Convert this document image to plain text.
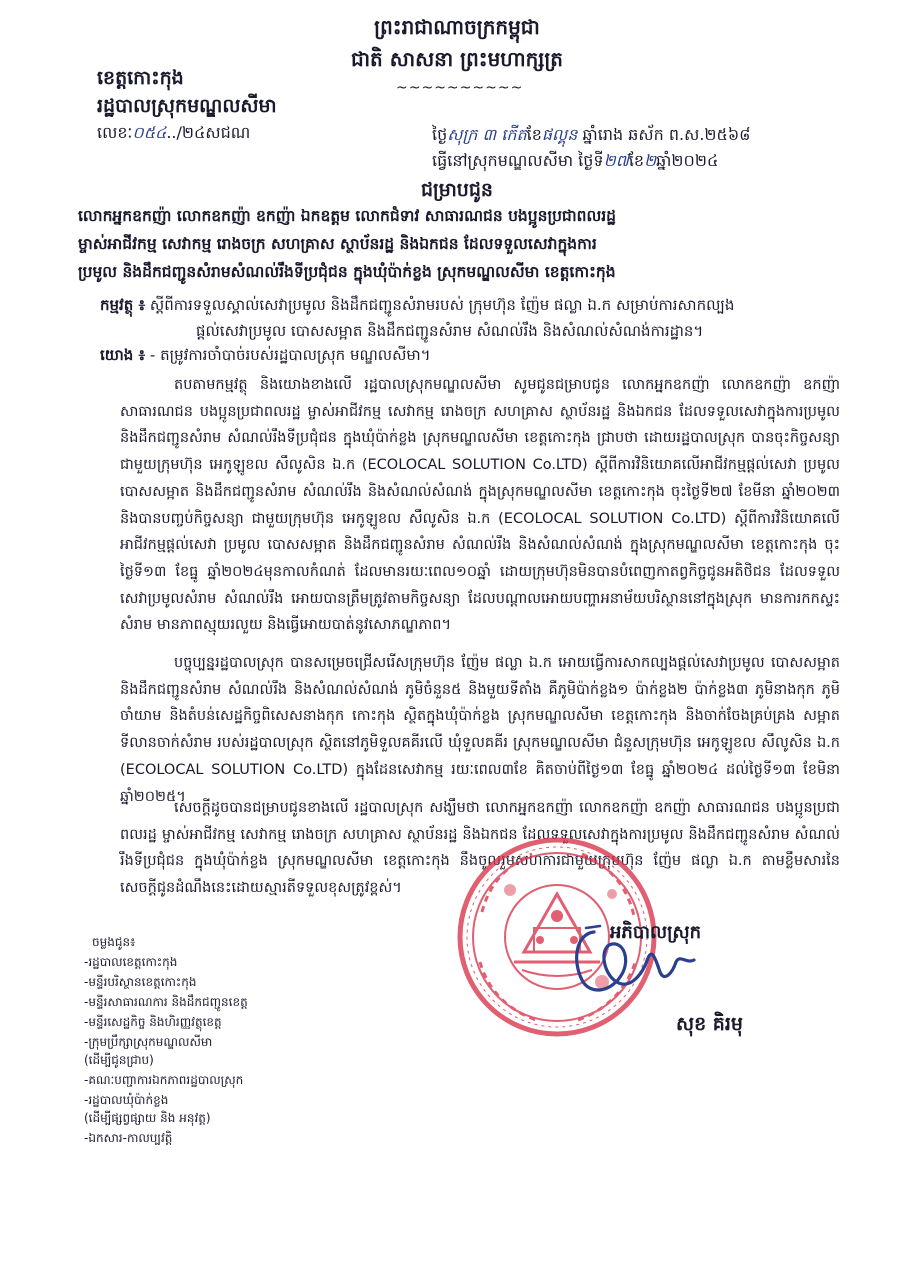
ព្រះរាជាណាចក្រកម្ពុជា
ជាតិ សាសនា ព្រះមហាក្សត្រ
~~~~~~~~~~
ខេត្តកោះកុង
រដ្ឋបាលស្រុកមណ្ឌលសីមា
លេខៈ០៥៤../២៤សជណ	ថ្ងៃសុក្រ ៣ កើតខែផល្គុន ឆ្នាំរោង ឆស័ក ព.ស.២៥៦៨
ធ្វើនៅស្រុកមណ្ឌលសីមា ថ្ងៃទី២៧ខែ២ឆ្នាំ២០២៤
ជម្រាបជូន
លោកអ្នកឧកញ៉ា លោកឧកញ៉ា ឧកញ៉ា ឯកឧត្តម លោកជំទាវ សាធារណជន បងប្អូនប្រជាពលរដ្ឋ
ម្ចាស់អាជីវកម្ម សេវាកម្ម រោងចក្រ សហគ្រាស ស្ថាប័នរដ្ឋ និងឯកជន ដែលទទួលសេវាក្នុងការ
ប្រមូល និងដឹកជញ្ជូនសំរាមសំណល់រឹងទីប្រជុំជន ក្នុងឃុំប៉ាក់ខ្លង ស្រុកមណ្ឌលសីមា ខេត្តកោះកុង
កម្មវត្ថុ ៖ ស្តីពីការទទួលស្គាល់សេវាប្រមូល និងដឹកជញ្ជូនសំរាមរបស់ ក្រុមហ៊ុន ញ៉ែម ផល្លា ឯ.ក សម្រាប់ការសាកល្បង
ផ្តល់សេវាប្រមូល បោសសម្អាត និងដឹកជញ្ជូនសំរាម សំណល់រឹង និងសំណល់សំណង់ការដ្ឋាន។
យោង ៖ - តម្រូវការចាំបាច់របស់រដ្ឋបាលស្រុក មណ្ឌលសីមា។
តបតាមកម្មវត្ថុ និងយោងខាងលើ រដ្ឋបាលស្រុកមណ្ឌលសីមា សូមជូនជម្រាបជូន លោកអ្នកឧកញ៉ា លោកឧកញ៉ា ឧកញ៉ា សាធារណជន បងប្អូនប្រជាពលរដ្ឋ ម្ចាស់អាជីវកម្ម សេវាកម្ម រោងចក្រ សហគ្រាស ស្ថាប័នរដ្ឋ និងឯកជន ដែលទទួលសេវាក្នុងការប្រមូល និងដឹកជញ្ជូនសំរាម សំណល់រឹងទីប្រជុំជន ក្នុងឃុំប៉ាក់ខ្លង ស្រុកមណ្ឌលសីមា ខេត្តកោះកុង ជ្រាបថា ដោយរដ្ឋបាលស្រុក បានចុះកិច្ចសន្យា ជាមួយក្រុមហ៊ុន អេកូឡូខល សឹលូសិន ឯ.ក (ECOLOCAL SOLUTION Co.LTD) ស្តីពីការវិនិយោគលើអាជីវកម្មផ្តល់សេវា ប្រមូល បោសសម្អាត និងដឹកជញ្ជូនសំរាម សំណល់រឹង និងសំណល់សំណង់ ក្នុងស្រុកមណ្ឌលសីមា ខេត្តកោះកុង ចុះថ្ងៃទី២៧ ខែមីនា ឆ្នាំ២០២៣ និងបានបញ្ចប់កិច្ចសន្យា ជាមួយក្រុមហ៊ុន អេកូឡូខល សឹលូសិន ឯ.ក (ECOLOCAL SOLUTION Co.LTD) ស្តីពីការវិនិយោគលើអាជីវកម្មផ្តល់សេវា ប្រមូល បោសសម្អាត និងដឹកជញ្ជូនសំរាម សំណល់រឹង និងសំណល់សំណង់ ក្នុងស្រុកមណ្ឌលសីមា ខេត្តកោះកុង ចុះថ្ងៃទី១៣ ខែធ្នូ ឆ្នាំ២០២៤មុនកាលកំណត់ ដែលមានរយៈពេល១០ឆ្នាំ ដោយក្រុមហ៊ុនមិនបានបំពេញកាតព្វកិច្ចជូនអតិថិជន ដែលទទួលសេវាប្រមូលសំរាម សំណល់រឹង អោយបានត្រឹមត្រូវតាមកិច្ចសន្យា ដែលបណ្តាលអោយបញ្ហាអនាម័យបរិស្ថាននៅក្នុងស្រុក មានការកកស្ទះសំរាម មានភាពស្មុយរលួយ និងធ្វើអោយបាត់នូវសោភណ្ឌភាព។
បច្ចុប្បន្នរដ្ឋបាលស្រុក បានសម្រេចជ្រើសរើសក្រុមហ៊ុន ញ៉ែម ផល្លា ឯ.ក អោយធ្វើការសាកល្បងផ្តល់សេវាប្រមូល បោសសម្អាត និងដឹកជញ្ជូនសំរាម សំណល់រឹង និងសំណល់សំណង់ ភូមិចំនួន៥ និងមួយទីតាំង គឺភូមិប៉ាក់ខ្លង១ ប៉ាក់ខ្លង២ ប៉ាក់ខ្លង៣ ភូមិនាងកុក ភូមិចាំយាម និងតំបន់សេដ្ឋកិច្ចពិសេសនាងកុក កោះកុង ស្ថិតក្នុងឃុំប៉ាក់ខ្លង ស្រុកមណ្ឌលសីមា ខេត្តកោះកុង និងចាក់ចែងគ្រប់គ្រង សម្អាតទីលានចាក់សំរាម របស់រដ្ឋបាលស្រុក ស្ថិតនៅភូមិទួលគគីរលើ ឃុំទួលគគីរ ស្រុកមណ្ឌលសីមា ជំនួសក្រុមហ៊ុន អេកូឡូខល សឹលូសិន ឯ.ក (ECOLOCAL SOLUTION Co.LTD) ក្នុងដែនសេវាកម្ម រយៈពេល៣ខែ គិតចាប់ពីថ្ងៃ១៣ ខែធ្នូ ឆ្នាំ២០២៤ ដល់ថ្ងៃទី១៣ ខែមិនា ឆ្នាំ២០២៥។
សេចក្តីដូចបានជម្រាបជូនខាងលើ រដ្ឋបាលស្រុក សង្ឃឹមថា លោកអ្នកឧកញ៉ា លោកឧកញ៉ា ឧកញ៉ា សាធារណជន បងប្អូនប្រជាពលរដ្ឋ ម្ចាស់អាជីវកម្ម សេវាកម្ម រោងចក្រ សហគ្រាស ស្ថាប័នរដ្ឋ និងឯកជន ដែលទទួលសេវាក្នុងការប្រមូល និងដឹកជញ្ជូនសំរាម សំណល់រឹងទីប្រជុំជន ក្នុងឃុំប៉ាក់ខ្លង ស្រុកមណ្ឌលសីមា ខេត្តកោះកុង នឹងចូលរួមសហការជាមួយក្រុមហ៊ុន ញ៉ែម ផល្លា ឯ.ក តាមខ្លឹមសារនៃសេចក្តីជូនដំណឹងនេះដោយស្មារតីទទួលខុសត្រូវខ្ពស់។
ចម្លងជូន៖
-រដ្ឋបាលខេត្តកោះកុង
-មន្ទីរបរិស្ថានខេត្តកោះកុង
-មន្ទីរសាធារណការ និងដឹកជញ្ជូនខេត្ត
-មន្ទីរសេដ្ឋកិច្ច និងហិរញ្ញវត្ថុខេត្ត
-ក្រុមប្រឹក្សាស្រុកមណ្ឌលសីមា
(ដើម្បីជូនជ្រាប)
-គណៈបញ្ជាការឯកភាពរដ្ឋបាលស្រុក
-រដ្ឋបាលឃុំប៉ាក់ខ្លង
(ដើម្បីផ្សព្វផ្សាយ និង អនុវត្ត)
-ឯកសារ-កាលប្បវត្តិ
អភិបាលស្រុក
សុខ គិរមុ
